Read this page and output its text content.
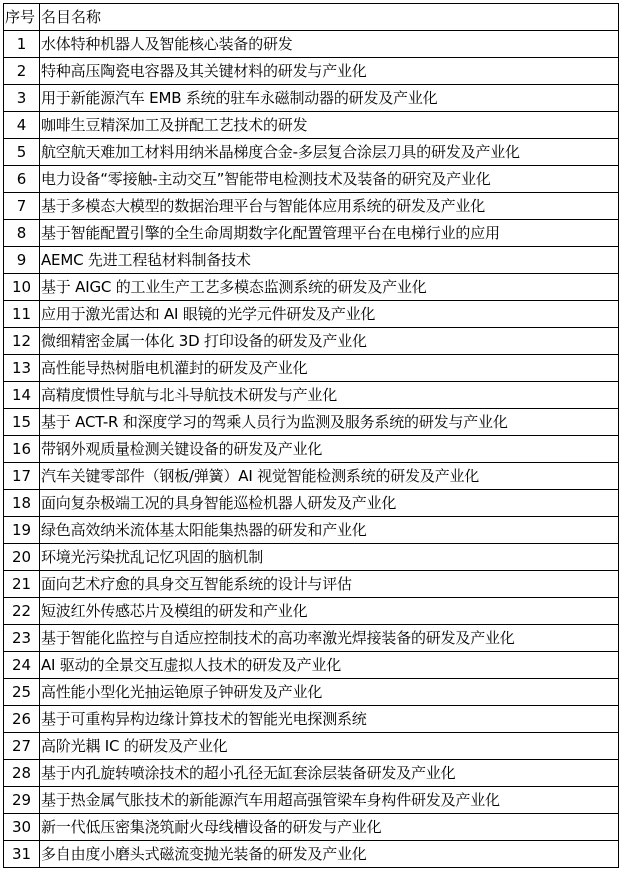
序号	名目名称
1	水体特种机器人及智能核心装备的研发
2	特种高压陶瓷电容器及其关键材料的研发与产业化
3	用于新能源汽车 EMB 系统的驻车永磁制动器的研发及产业化
4	咖啡生豆精深加工及拼配工艺技术的研发
5	航空航天难加工材料用纳米晶梯度合金-多层复合涂层刀具的研发及产业化
6	电力设备“零接触-主动交互”智能带电检测技术及装备的研究及产业化
7	基于多模态大模型的数据治理平台与智能体应用系统的研发及产业化
8	基于智能配置引擎的全生命周期数字化配置管理平台在电梯行业的应用
9	AEMC 先进工程毡材料制备技术
10	基于 AIGC 的工业生产工艺多模态监测系统的研发及产业化
11	应用于激光雷达和 AI 眼镜的光学元件研发及产业化
12	微细精密金属一体化 3D 打印设备的研发及产业化
13	高性能导热树脂电机灌封的研发及产业化
14	高精度惯性导航与北斗导航技术研发与产业化
15	基于 ACT-R 和深度学习的驾乘人员行为监测及服务系统的研发与产业化
16	带钢外观质量检测关键设备的研发及产业化
17	汽车关键零部件（钢板/弹簧）AI 视觉智能检测系统的研发及产业化
18	面向复杂极端工况的具身智能巡检机器人研发及产业化
19	绿色高效纳米流体基太阳能集热器的研发和产业化
20	环境光污染扰乱记忆巩固的脑机制
21	面向艺术疗愈的具身交互智能系统的设计与评估
22	短波红外传感芯片及模组的研发和产业化
23	基于智能化监控与自适应控制技术的高功率激光焊接装备的研发及产业化
24	AI 驱动的全景交互虚拟人技术的研发及产业化
25	高性能小型化光抽运铯原子钟研发及产业化
26	基于可重构异构边缘计算技术的智能光电探测系统
27	高阶光耦 IC 的研发及产业化
28	基于内孔旋转喷涂技术的超小孔径无缸套涂层装备研发及产业化
29	基于热金属气胀技术的新能源汽车用超高强管梁车身构件研发及产业化
30	新一代低压密集浇筑耐火母线槽设备的研发与产业化
31	多自由度小磨头式磁流变抛光装备的研发及产业化
